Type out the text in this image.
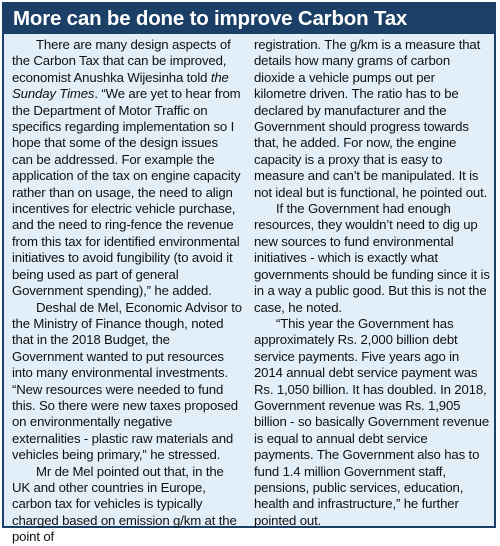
More can be done to improve Carbon Tax

There are many design aspects of the Carbon Tax that can be improved, economist Anushka Wijesinha told the Sunday Times. “We are yet to hear from the Department of Motor Traffic on specifics regarding implementation so I hope that some of the design issues can be addressed. For example the application of the tax on engine capacity rather than on usage, the need to align incentives for electric vehicle purchase, and the need to ring-fence the revenue from this tax for identified environmental initiatives to avoid fungibility (to avoid it being used as part of general Government spending),” he added.

Deshal de Mel, Economic Advisor to the Ministry of Finance though, noted that in the 2018 Budget, the Government wanted to put resources into many environmental investments. “New resources were needed to fund this. So there were new taxes proposed on environmentally negative externalities - plastic raw materials and vehicles being primary,” he stressed.

Mr de Mel pointed out that, in the UK and other countries in Europe, carbon tax for vehicles is typically charged based on emission g/km at the point of

registration. The g/km is a measure that details how many grams of carbon dioxide a vehicle pumps out per kilometre driven. The ratio has to be declared by manufacturer and the Government should progress towards that, he added. For now, the engine capacity is a proxy that is easy to measure and can’t be manipulated. It is not ideal but is functional, he pointed out.

If the Government had enough resources, they wouldn’t need to dig up new sources to fund environmental initiatives - which is exactly what governments should be funding since it is in a way a public good. But this is not the case, he noted.

“This year the Government has approximately Rs. 2,000 billion debt service payments. Five years ago in 2014 annual debt service payment was Rs. 1,050 billion. It has doubled. In 2018, Government revenue was Rs. 1,905 billion - so basically Government revenue is equal to annual debt service payments. The Government also has to fund 1.4 million Government staff, pensions, public services, education, health and infrastructure,” he further pointed out.
